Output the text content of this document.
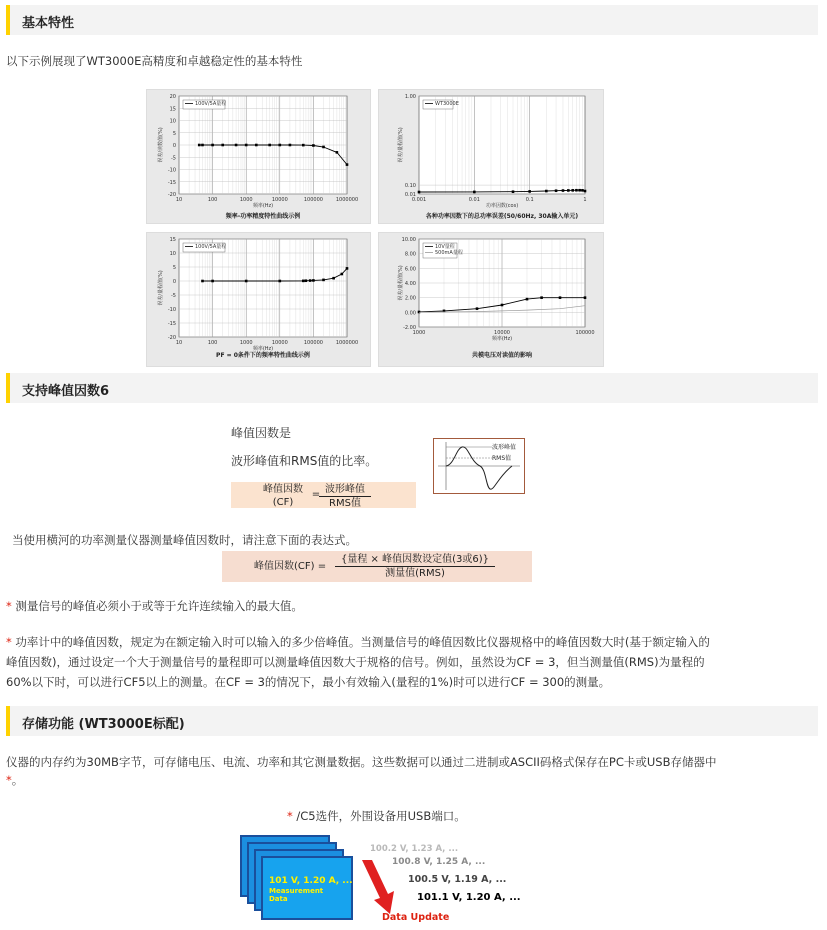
基本特性
以下示例展现了WT3000E高精度和卓越稳定性的基本特性
20
15
10
5
0
-5
-10
-15
-20
10	100	1000	10000	100000	1000000
频率(Hz)
误差/读数值(%)
频率-功率精度特性曲线示例
100V/5A量程
1.00
0.10
0.01
0.001	0.01	0.1	1
功率因数(cos)
误差/量程值(%)
各种功率因数下的总功率误差(50/60Hz, 30A输入单元)
WT3000E
15
10
5
0
-5
-10
-15
-20
10	100	1000	10000	100000	1000000
频率(Hz)
误差/量程值(%)
PF = 0条件下的频率特性曲线示例
100V/5A量程
10.00
8.00
6.00
4.00
2.00
0.00
-2.00
1000	10000	100000
频率(Hz)
误差/量程值(%)
共模电压对读值的影响
10V量程
500mA量程
支持峰值因数6
峰值因数是
波形峰值和RMS值的比率。
峰值因数
(CF)
= 波形峰值
RMS值
波形峰值
RMS值
当使用横河的功率测量仪器测量峰值因数时，请注意下面的表达式。
峰值因数(CF) =
{量程 × 峰值因数设定值(3或6)}
测量值(RMS)
* 测量信号的峰值必须小于或等于允许连续输入的最大值。
* 功率计中的峰值因数，规定为在额定输入时可以输入的多少倍峰值。当测量信号的峰值因数比仪器规格中的峰值因数大时(基于额定输入的
峰值因数)，通过设定一个大于测量信号的量程即可以测量峰值因数大于规格的信号。例如，虽然设为CF = 3，但当测量值(RMS)为量程的
60%以下时，可以进行CF5以上的测量。在CF = 3的情况下，最小有效输入(量程的1%)时可以进行CF = 300的测量。
存储功能 (WT3000E标配)
仪器的内存约为30MB字节，可存储电压、电流、功率和其它测量数据。这些数据可以通过二进制或ASCII码格式保存在PC卡或USB存储器中
*。
* /C5选件，外围设备用USB端口。
101 V, 1.20 A, ...
Measurement
Data
100.2 V, 1.23 A, ...
100.8 V, 1.25 A, ...
100.5 V, 1.19 A, ...
101.1 V, 1.20 A, ...
Data Update
